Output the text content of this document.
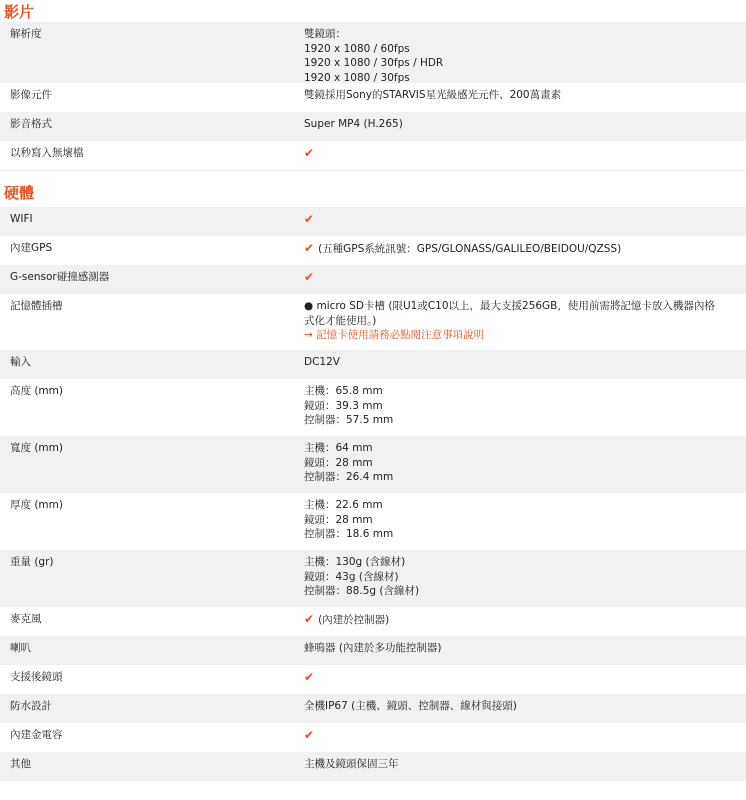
影片
解析度	雙鏡頭：
1920 x 1080 / 60fps
1920 x 1080 / 30fps / HDR
1920 x 1080 / 30fps
影像元件	雙鏡採用Sony的STARVIS星光級感光元件、200萬畫素
影音格式	Super MP4 (H.265)
以秒寫入無壞檔	✔
硬體
WIFI	✔
內建GPS	✔ (五種GPS系統訊號：GPS/GLONASS/GALILEO/BEIDOU/QZSS)
G-sensor碰撞感測器	✔
記憶體插槽	● micro SD卡槽 (限U1或C10以上，最大支援256GB，使用前需將記憶卡放入機器內格式化才能使用。)
→ 記憶卡使用請務必點閱注意事項說明
輸入	DC12V
高度 (mm)	主機：65.8 mm
鏡頭：39.3 mm
控制器：57.5 mm
寬度 (mm)	主機：64 mm
鏡頭：28 mm
控制器：26.4 mm
厚度 (mm)	主機：22.6 mm
鏡頭：28 mm
控制器：18.6 mm
重量 (gr)	主機：130g (含線材)
鏡頭：43g (含線材)
控制器：88.5g (含線材)
麥克風	✔ (內建於控制器)
喇叭	蜂鳴器 (內建於多功能控制器)
支援後鏡頭	✔
防水設計	全機IP67 (主機、鏡頭、控制器、線材與接頭)
內建金電容	✔
其他	主機及鏡頭保固三年
